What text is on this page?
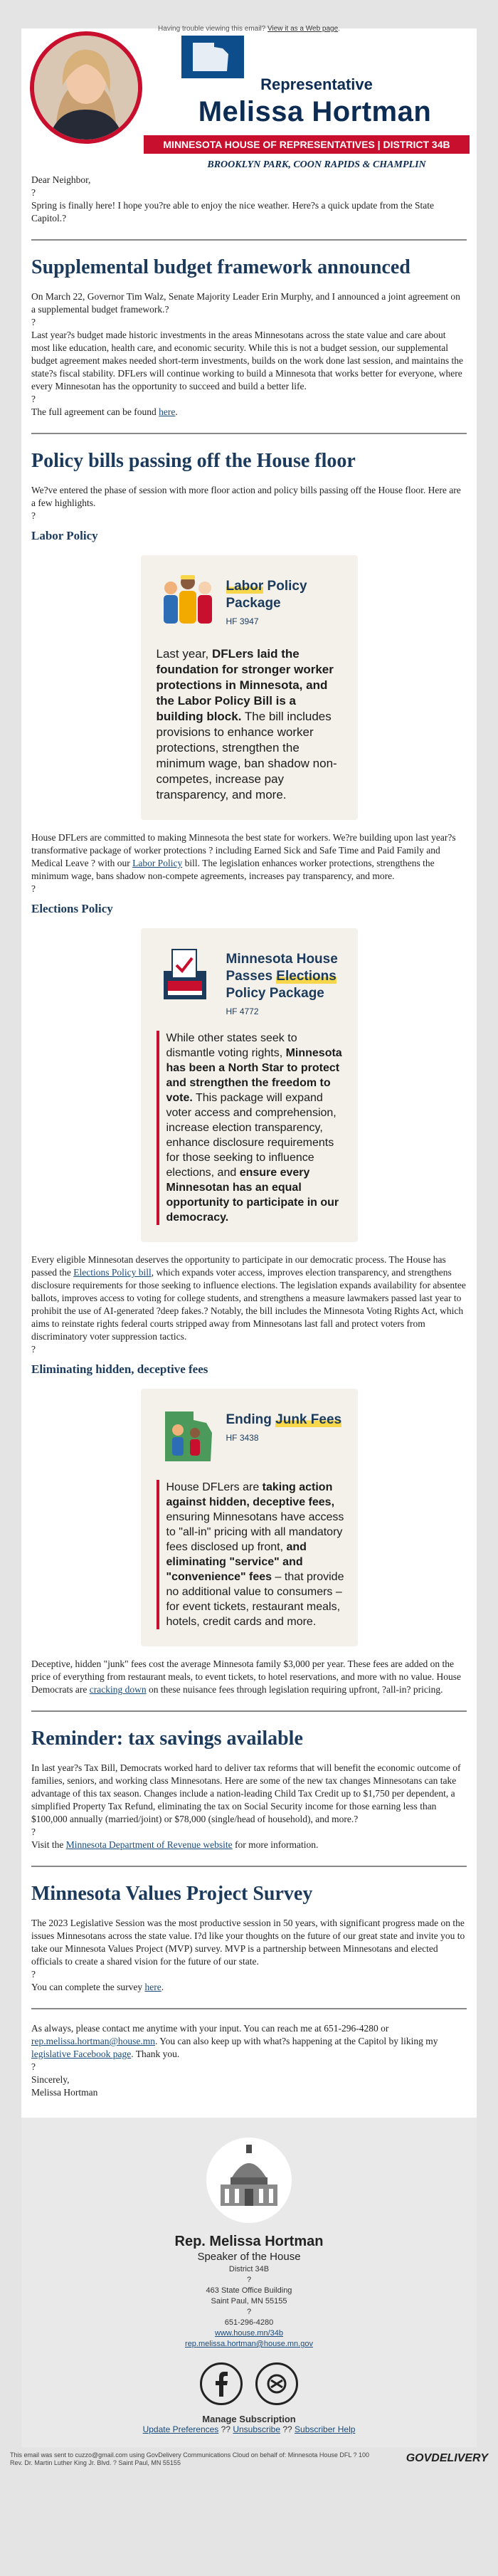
Having trouble viewing this email? View it as a Web page.
Representative
Melissa Hortman
MINNESOTA HOUSE OF REPRESENTATIVES | DISTRICT 34B
BROOKLYN PARK, COON RAPIDS & CHAMPLIN

Dear Neighbor,

?

Spring is finally here! I hope you?re able to enjoy the nice weather. Here?s a quick update from the State Capitol.?

Supplemental budget framework announced

On March 22, Governor Tim Walz, Senate Majority Leader Erin Murphy, and I announced a joint agreement on a supplemental budget framework.?

?

Last year?s budget made historic investments in the areas Minnesotans across the state value and care about most like education, health care, and economic security. While this is not a budget session, our supplemental budget agreement makes needed short-term investments, builds on the work done last session, and maintains the state?s fiscal stability. DFLers will continue working to build a Minnesota that works better for everyone, where every Minnesotan has the opportunity to succeed and build a better life.

?

The full agreement can be found here.

Policy bills passing off the House floor

We?ve entered the phase of session with more floor action and policy bills passing off the House floor. Here are a few highlights.

?
Labor Policy
Labor Policy Package
HF 3947
Last year, DFLers laid the foundation for stronger worker protections in Minnesota, and the Labor Policy Bill is a building block. The bill includes provisions to enhance worker protections, strengthen the minimum wage, ban shadow non-competes, increase pay transparency, and more.

House DFLers are committed to making Minnesota the best state for workers. We?re building upon last year?s transformative package of worker protections ? including Earned Sick and Safe Time and Paid Family and Medical Leave ? with our Labor Policy bill. The legislation enhances worker protections, strengthens the minimum wage, bans shadow non-compete agreements, increases pay transparency, and more.

?
Elections Policy
Minnesota House Passes Elections Policy Package
HF 4772
While other states seek to dismantle voting rights, Minnesota has been a North Star to protect and strengthen the freedom to vote. This package will expand voter access and comprehension, increase election transparency, enhance disclosure requirements for those seeking to influence elections, and ensure every Minnesotan has an equal opportunity to participate in our democracy.

Every eligible Minnesotan deserves the opportunity to participate in our democratic process. The House has passed the Elections Policy bill, which expands voter access, improves election transparency, and strengthens disclosure requirements for those seeking to influence elections. The legislation expands availability for absentee ballots, improves access to voting for college students, and strengthens a measure lawmakers passed last year to prohibit the use of AI-generated ?deep fakes.? Notably, the bill includes the Minnesota Voting Rights Act, which aims to reinstate rights federal courts stripped away from Minnesotans last fall and protect voters from discriminatory voter suppression tactics.

?
Eliminating hidden, deceptive fees
Ending Junk Fees
HF 3438
House DFLers are taking action against hidden, deceptive fees, ensuring Minnesotans have access to "all-in" pricing with all mandatory fees disclosed up front, and eliminating "service" and "convenience" fees – that provide no additional value to consumers – for event tickets, restaurant meals, hotels, credit cards and more.

Deceptive, hidden "junk" fees cost the average Minnesota family $3,000 per year. These fees are added on the price of everything from restaurant meals, to event tickets, to hotel reservations, and more with no value. House Democrats are cracking down on these nuisance fees through legislation requiring upfront, ?all-in? pricing.

Reminder: tax savings available

In last year?s Tax Bill, Democrats worked hard to deliver tax reforms that will benefit the economic outcome of families, seniors, and working class Minnesotans. Here are some of the new tax changes Minnesotans can take advantage of this tax season. Changes include a nation-leading Child Tax Credit up to $1,750 per dependent, a simplified Property Tax Refund, eliminating the tax on Social Security income for those earning less than $100,000 annually (married/joint) or $78,000 (single/head of household), and more.?

?

Visit the Minnesota Department of Revenue website for more information.

Minnesota Values Project Survey

The 2023 Legislative Session was the most productive session in 50 years, with significant progress made on the issues Minnesotans across the state value. I?d like your thoughts on the future of our great state and invite you to take our Minnesota Values Project (MVP) survey. MVP is a partnership between Minnesotans and elected officials to create a shared vision for the future of our state.

?

You can complete the survey here.

As always, please contact me anytime with your input. You can reach me at 651-296-4280 or rep.melissa.hortman@house.mn. You can also keep up with what?s happening at the Capitol by liking my legislative Facebook page. Thank you.

?

Sincerely,

Melissa Hortman

Rep. Melissa Hortman
Speaker of the House
District 34B
?
463 State Office Building
Saint Paul, MN 55155
?
651-296-4280
www.house.mn/34b
rep.melissa.hortman@house.mn.gov
Manage Subscription
Update Preferences ?? Unsubscribe ?? Subscriber Help
This email was sent to cuzzo@gmail.com using GovDelivery Communications Cloud on behalf of: Minnesota House DFL ? 100
Rev. Dr. Martin Luther King Jr. Blvd. ? Saint Paul, MN 55155	GOVDELIVERY
